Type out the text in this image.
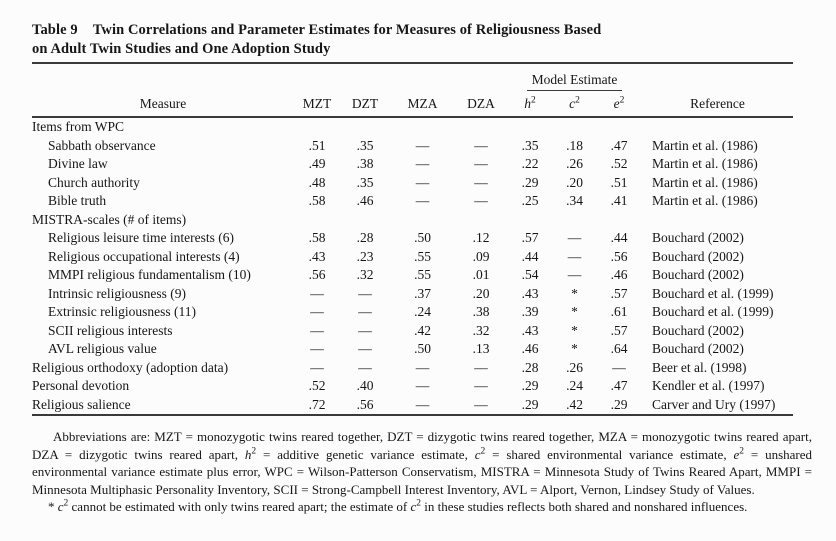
Table 9 Twin Correlations and Parameter Estimates for Measures of Religiousness Based
on Adult Twin Studies and One Adoption Study
					Model Estimate			
Measure	MZT	DZT	MZA	DZA	$h^2$	$c^2$	$e^2$	Reference
Items from WPC								
Sabbath observance	.51	.35	—	—	.35	.18	.47	Martin et al. (1986)
Divine law	.49	.38	—	—	.22	.26	.52	Martin et al. (1986)
Church authority	.48	.35	—	—	.29	.20	.51	Martin et al. (1986)
Bible truth	.58	.46	—	—	.25	.34	.41	Martin et al. (1986)
MISTRA-scales (# of items)								
Religious leisure time interests (6)	.58	.28	.50	.12	.57	—	.44	Bouchard (2002)
Religious occupational interests (4)	.43	.23	.55	.09	.44	—	.56	Bouchard (2002)
MMPI religious fundamentalism (10)	.56	.32	.55	.01	.54	—	.46	Bouchard (2002)
Intrinsic religiousness (9)	—	—	.37	.20	.43	*	.57	Bouchard et al. (1999)
Extrinsic religiousness (11)	—	—	.24	.38	.39	*	.61	Bouchard et al. (1999)
SCII religious interests	—	—	.42	.32	.43	*	.57	Bouchard (2002)
AVL religious value	—	—	.50	.13	.46	*	.64	Bouchard (2002)
Religious orthodoxy (adoption data)	—	—	—	—	.28	.26	—	Beer et al. (1998)
Personal devotion	.52	.40	—	—	.29	.24	.47	Kendler et al. (1997)
Religious salience	.72	.56	—	—	.29	.42	.29	Carver and Ury (1997)

Abbreviations are: MZT = monozygotic twins reared together, DZT = dizygotic twins reared together, MZA = monozygotic twins reared apart, DZA = dizygotic twins reared apart, $h^2$ = additive genetic variance estimate, $c^2$ = shared environmental variance estimate, $e^2$ = unshared environmental variance estimate plus error, WPC = Wilson-Patterson Conservatism, MISTRA = Minnesota Study of Twins Reared Apart, MMPI = Minnesota Multiphasic Personality Inventory, SCII = Strong-Campbell Interest Inventory, AVL = Alport, Vernon, Lindsey Study of Values.

* $c^2$ cannot be estimated with only twins reared apart; the estimate of $c^2$ in these studies reflects both shared and nonshared influences.
